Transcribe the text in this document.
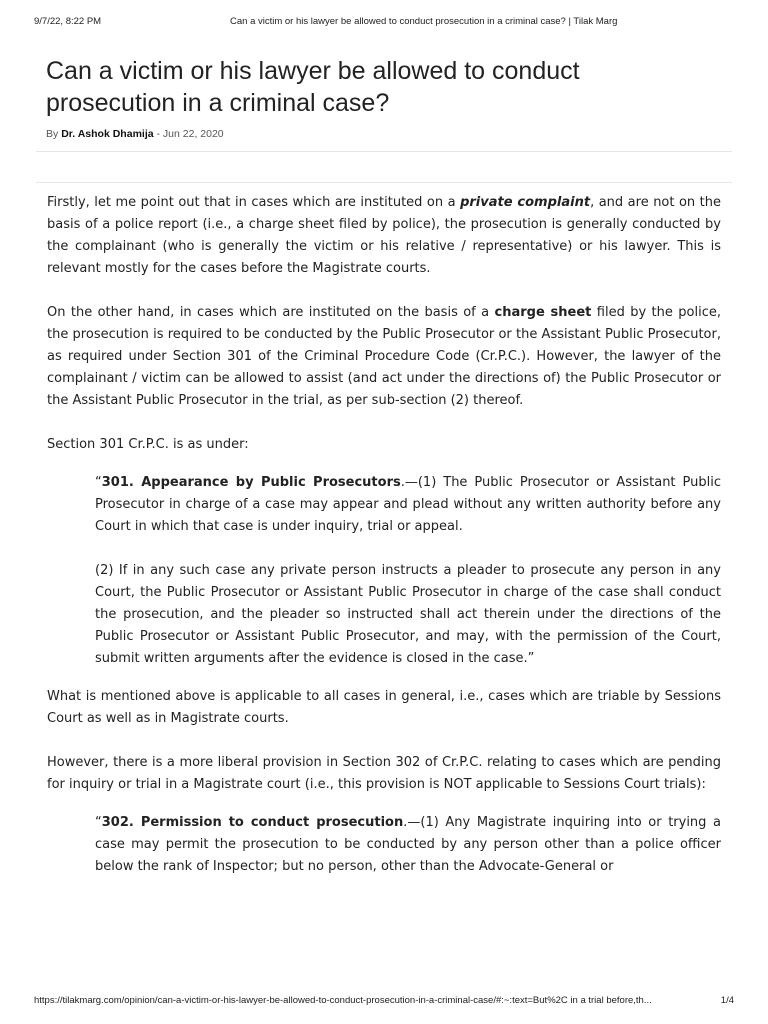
9/7/22, 8:22 PM	Can a victim or his lawyer be allowed to conduct prosecution in a criminal case? | Tilak Marg
Can a victim or his lawyer be allowed to conduct prosecution in a criminal case?
By Dr. Ashok Dhamija - Jun 22, 2020

Firstly, let me point out that in cases which are instituted on a private complaint, and are not on the basis of a police report (i.e., a charge sheet filed by police), the prosecution is generally conducted by the complainant (who is generally the victim or his relative / representative) or his lawyer. This is relevant mostly for the cases before the Magistrate courts.

On the other hand, in cases which are instituted on the basis of a charge sheet filed by the police, the prosecution is required to be conducted by the Public Prosecutor or the Assistant Public Prosecutor, as required under Section 301 of the Criminal Procedure Code (Cr.P.C.). However, the lawyer of the complainant / victim can be allowed to assist (and act under the directions of) the Public Prosecutor or the Assistant Public Prosecutor in the trial, as per sub-section (2) thereof.

Section 301 Cr.P.C. is as under:

“301. Appearance by Public Prosecutors.—(1) The Public Prosecutor or Assistant Public Prosecutor in charge of a case may appear and plead without any written authority before any Court in which that case is under inquiry, trial or appeal.

(2) If in any such case any private person instructs a pleader to prosecute any person in any Court, the Public Prosecutor or Assistant Public Prosecutor in charge of the case shall conduct the prosecution, and the pleader so instructed shall act therein under the directions of the Public Prosecutor or Assistant Public Prosecutor, and may, with the permission of the Court, submit written arguments after the evidence is closed in the case.”

What is mentioned above is applicable to all cases in general, i.e., cases which are triable by Sessions Court as well as in Magistrate courts.

However, there is a more liberal provision in Section 302 of Cr.P.C. relating to cases which are pending for inquiry or trial in a Magistrate court (i.e., this provision is NOT applicable to Sessions Court trials):

“302. Permission to conduct prosecution.—(1) Any Magistrate inquiring into or trying a case may permit the prosecution to be conducted by any person other than a police officer below the rank of Inspector; but no person, other than the Advocate-General or

https://tilakmarg.com/opinion/can-a-victim-or-his-lawyer-be-allowed-to-conduct-prosecution-in-a-criminal-case/#:~:text=But%2C in a trial before,th...	1/4
